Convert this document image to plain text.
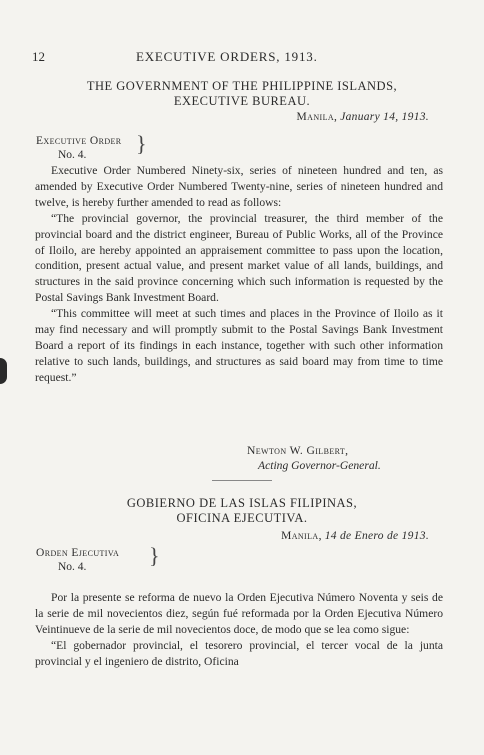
12	EXECUTIVE ORDERS, 1913.
THE GOVERNMENT OF THE PHILIPPINE ISLANDS,
EXECUTIVE BUREAU.
Manila, January 14, 1913.
Executive Order
No. 4.	}

Executive Order Numbered Ninety-six, series of nineteen hundred and ten, as amended by Executive Order Numbered Twenty-nine, series of nineteen hundred and twelve, is hereby further amended to read as follows:

“The provincial governor, the provincial treasurer, the third member of the provincial board and the district engineer, Bureau of Public Works, all of the Province of Iloilo, are hereby appointed an appraisement committee to pass upon the location, condition, present actual value, and present market value of all lands, buildings, and structures in the said province concerning which such information is requested by the Postal Savings Bank Investment Board.

“This committee will meet at such times and places in the Province of Iloilo as it may find necessary and will promptly submit to the Postal Savings Bank Investment Board a report of its findings in each instance, together with such other information relative to such lands, buildings, and structures as said board may from time to time request.”

Newton W. Gilbert,
Acting Governor-General.
GOBIERNO DE LAS ISLAS FILIPINAS,
OFICINA EJECUTIVA.
Manila, 14 de Enero de 1913.
Orden Ejecutiva
No. 4.	}

Por la presente se reforma de nuevo la Orden Ejecutiva Número Noventa y seis de la serie de mil novecientos diez, según fué reformada por la Orden Ejecutiva Número Veintinueve de la serie de mil novecientos doce, de modo que se lea como sigue:

“El gobernador provincial, el tesorero provincial, el tercer vocal de la junta provincial y el ingeniero de distrito, Oficina
